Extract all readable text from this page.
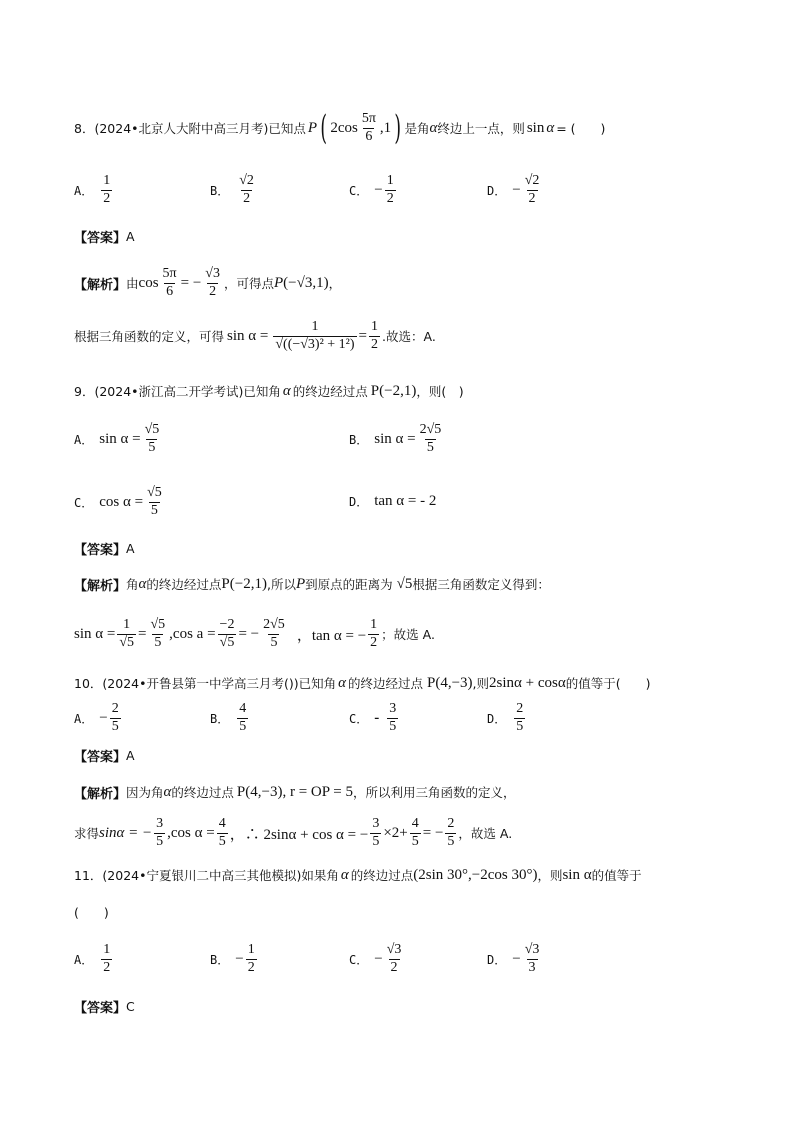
8． (2024•北京人大附中高三月考)已知点 P ( 2cos
5π
6
,1 ) 是角 α 终边上一点，则 sin α = (　　)
A．
1
2	B．
√2
2	C． − $\frac{1}{2}$	D． − $\frac{√2}{2}$
【答案】 A
【解析】 由 $\cos \frac{5\pi}{6}$ = − $\frac{√3}{2}$ ，可得点 P (−√3,1) ，
根据三角函数的定义，可得 $\sin \alpha = \frac{1}{\text{√((−√3)² + 1²)}} = \frac{1}{2}$ .故选：A.
9． (2024•浙江高二开学考试)已知角 α 的终边经过点 P(−2,1) ，则(　)
A． $\sin \alpha = \frac{√5}{5}$	B． $\sin \alpha = \frac{2√5}{5}$
C． $\cos \alpha = \frac{√5}{5}$	D． tan α = - 2
【答案】 A
【解析】 角 α 的终边经过点 P(−2,1) ,所以 P 到原点的距离为 √5 根据三角函数定义得到：
$\sin \alpha = \frac{1}{√5} = \frac{√5}{5} ,\cos$ $a = \frac{-2}{√5}$ = − $\frac{2√5}{5}$ ，tan α = − $\frac{1}{2}$ ；故选 A.
10． (2024•开鲁县第一中学高三月考())已知角 α 的终边经过点 P(4,−3) ,则 2sinα + cosα 的值等于(　　)
A． − $\frac{2}{5}$	B．
4
5	C． -
3
5	D．
2
5
【答案】 A
【解析】 因为角 α 的终边过点 P(4,−3), r = OP = 5 ，所以利用三角函数的定义，
求得 sinα = − $\frac{3}{5} ,\cos$ $\alpha = \frac{4}{5}$ ，∴ 2sinα + cos α = − $\frac{3}{5} \times 2+ \frac{4}{5}$ = − $\frac{2}{5}$ ，故选 A.
11． (2024•宁夏银川二中高三其他模拟)如果角 α 的终边过点 (2sin 30°,−2cos 30°) ，则 sin α 的值等于
(　　)
A．
1
2	B． − $\frac{1}{2}$	C． − $\frac{√3}{2}$	D． − $\frac{√3}{3}$
【答案】 C
